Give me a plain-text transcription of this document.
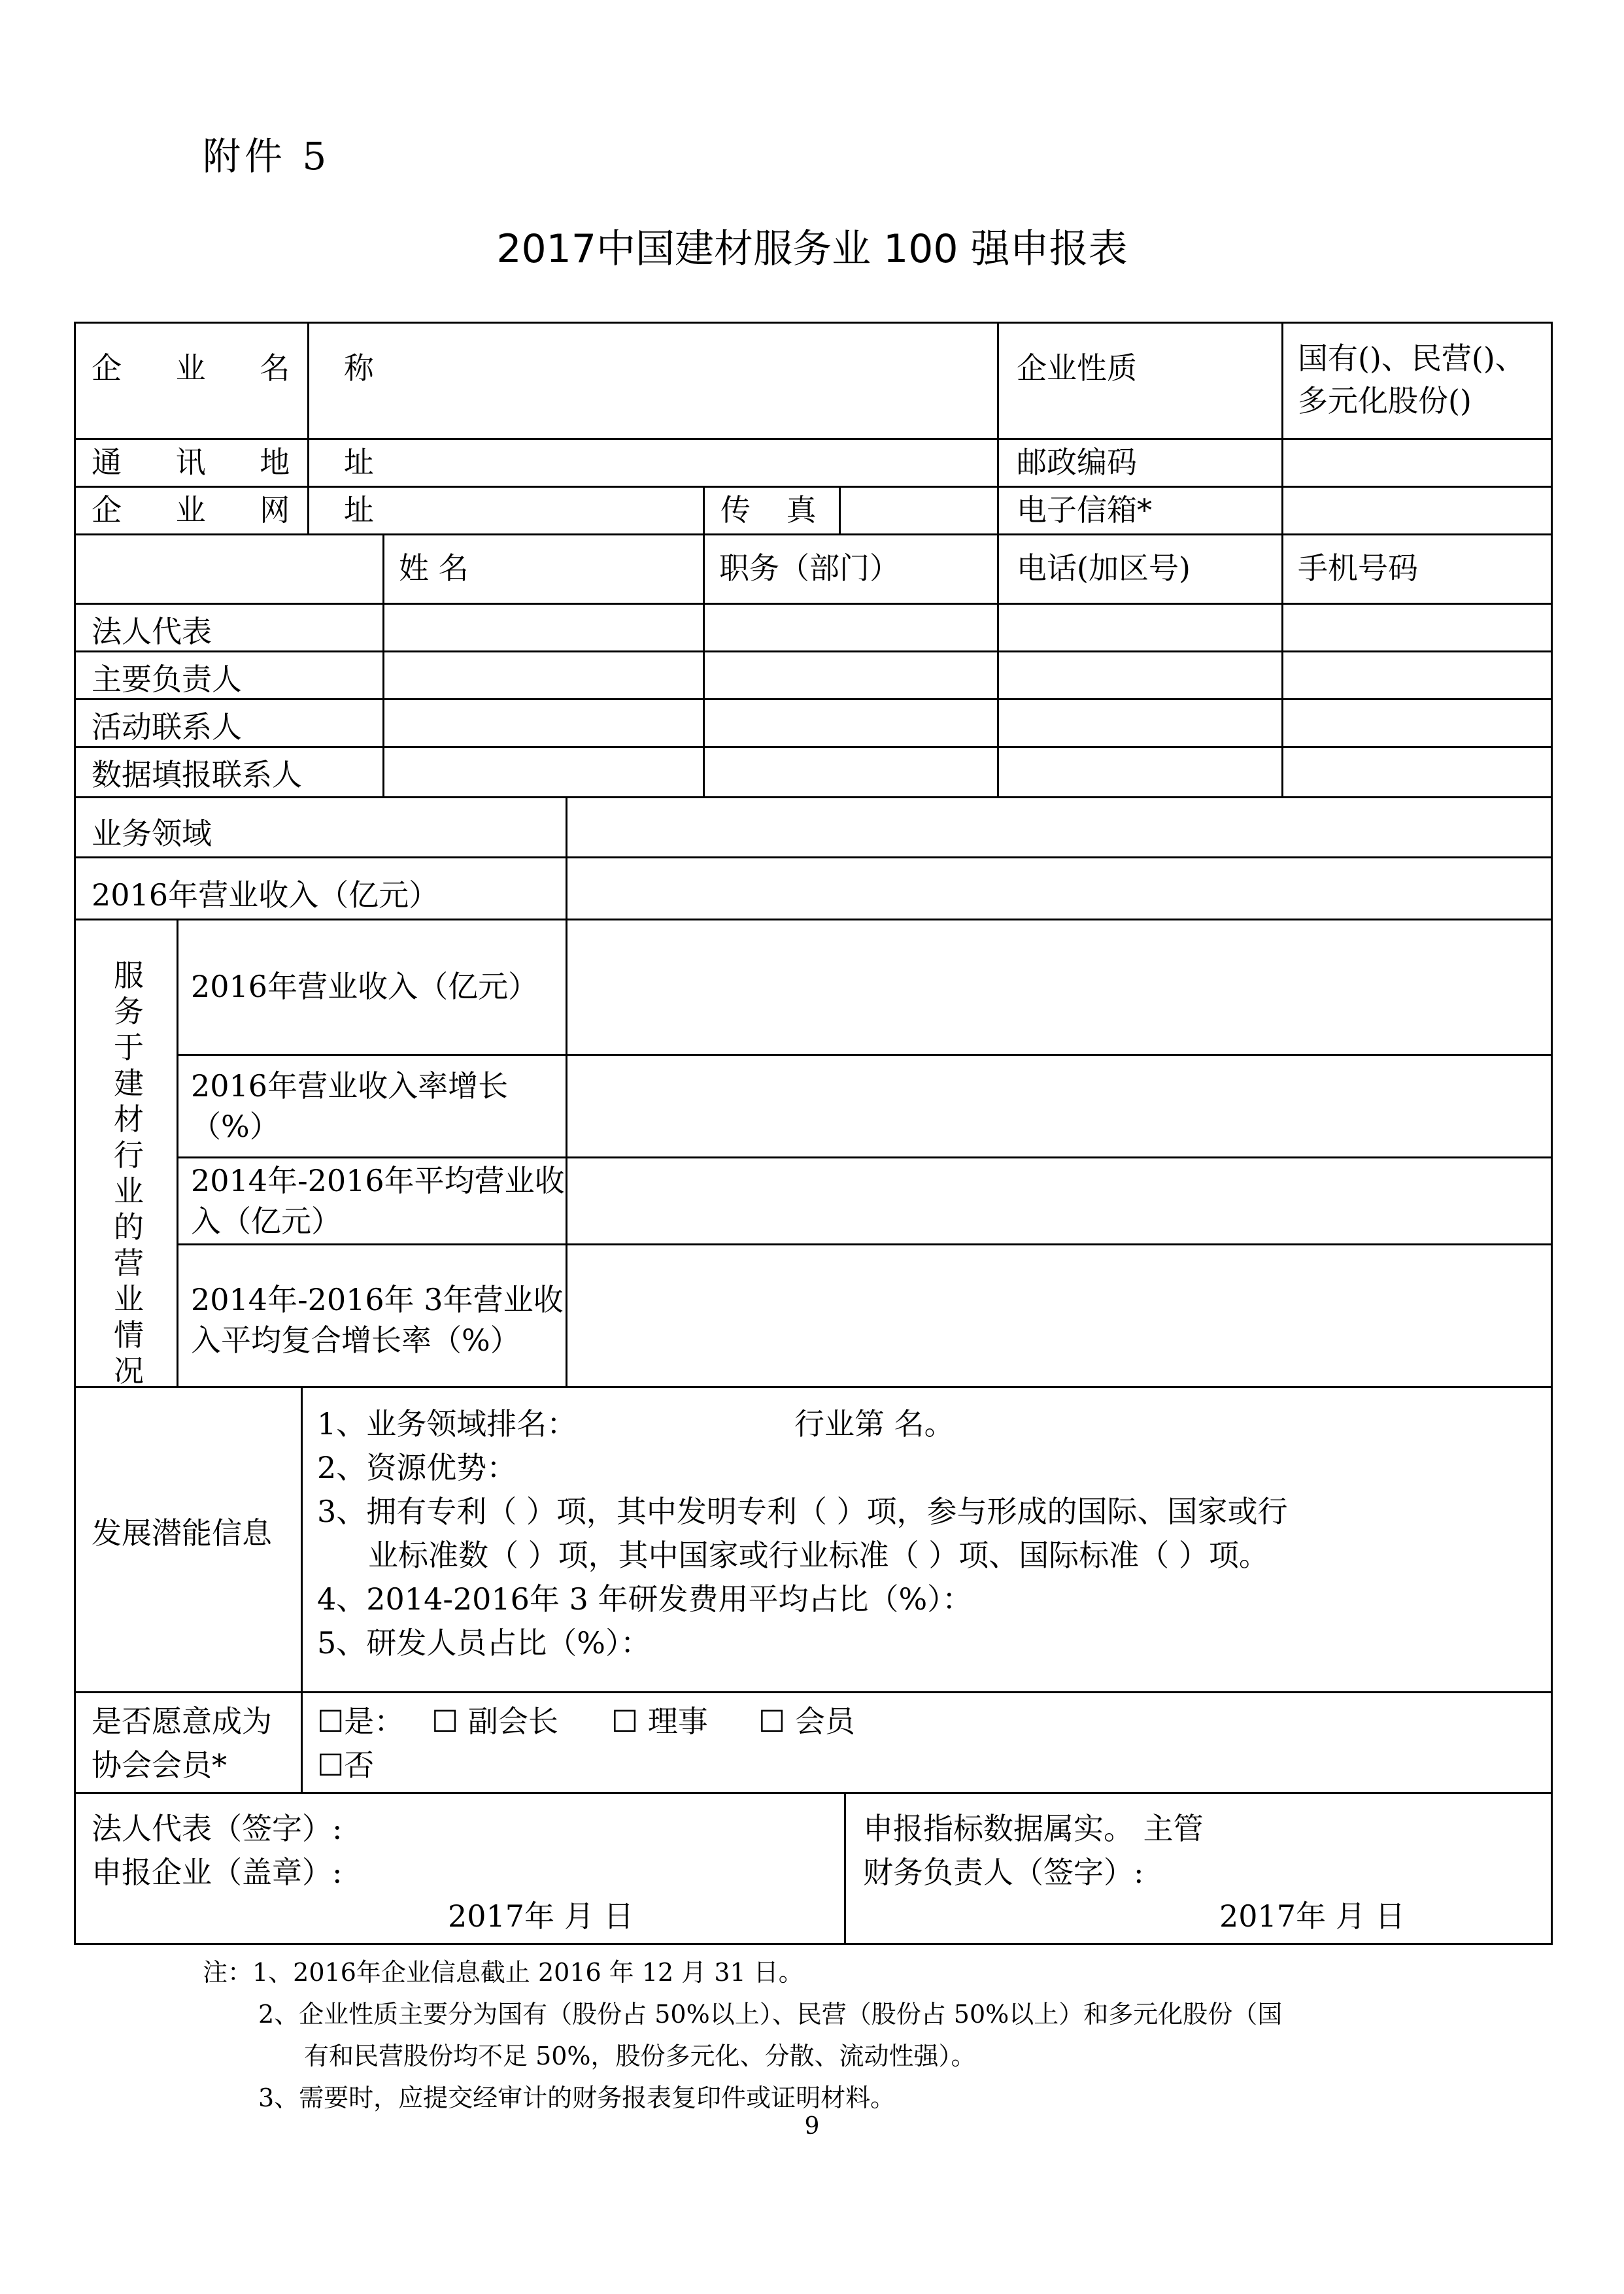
附件 5
2017中国建材服务业 100 强申报表
企 业 名 称	企业性质	国有()、民营()、
多元化股份()
通 讯 地 址	邮政编码
企 业 网 址	传 真	电子信箱*
姓 名	职务（部门）	电话(加区号)	手机号码
法人代表
主要负责人
活动联系人
数据填报联系人
业务领域
2016年营业收入（亿元）
服务于建材行业的营业情况
2016年营业收入（亿元）
2016年营业收入率增长
（%）
2014年-2016年平均营业收
入（亿元）
2014年-2016年 3年营业收
入平均复合增长率（%）
发展潜能信息
1、业务领域排名：	行业第 名。
2、资源优势：
3、拥有专利（ ）项，其中发明专利（ ）项，参与形成的国际、国家或行
业标准数（ ）项，其中国家或行业标准（ ）项、国际标准（ ）项。
4、2014-2016年 3 年研发费用平均占比（%）：
5、研发人员占比（%）：
是否愿意成为
协会会员*
☐是： ☐ 副会长 ☐ 理事 ☐ 会员
☐否
法人代表（签字）:
申报企业（盖章）:
2017年 月 日
申报指标数据属实。 主管
财务负责人（签字）:
2017年 月 日
注：1、2016年企业信息截止 2016 年 12 月 31 日。
2、企业性质主要分为国有（股份占 50%以上）、民营（股份占 50%以上）和多元化股份（国
有和民营股份均不足 50%，股份多元化、分散、流动性强）。
3、需要时，应提交经审计的财务报表复印件或证明材料。
9
